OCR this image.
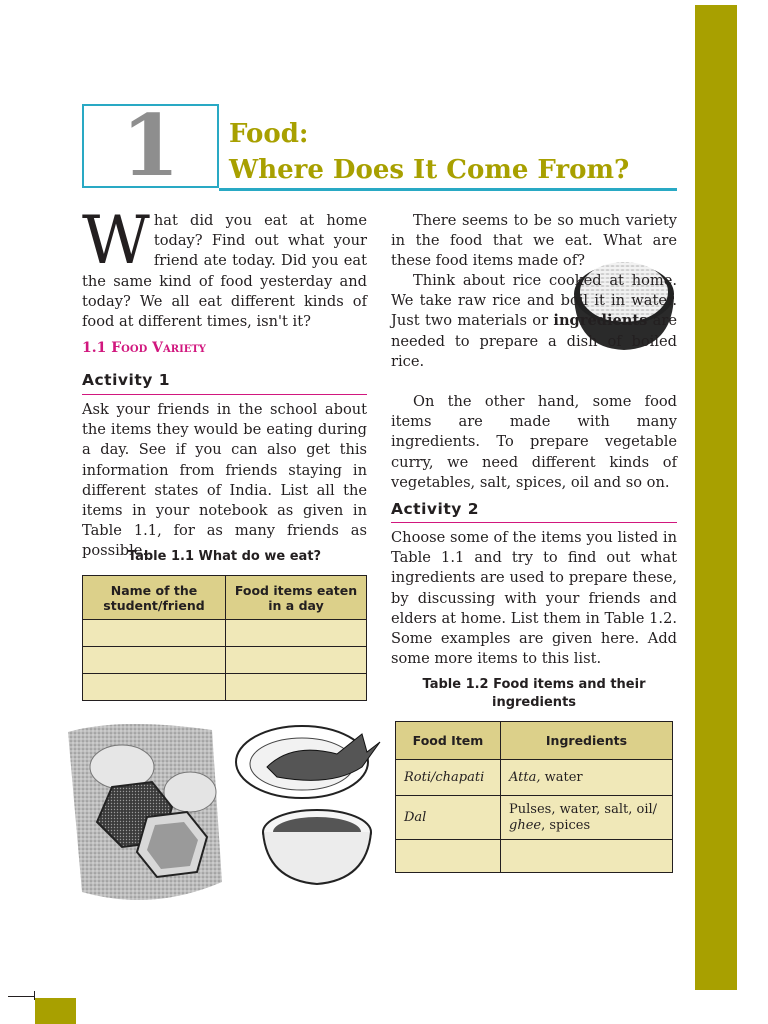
1 Food:
Where Does It Come From?

What did you eat at home today? Find out what your friend ate today. Did you eat the same kind of food yesterday and today? We all eat different kinds of food at different times, isn't it?

1.1 Food Variety
Activity 1

Ask your friends in the school about the items they would be eating during a day. See if you can also get this information from friends staying in different states of India. List all the items in your notebook as given in Table 1.1, for as many friends as possible.

Table 1.1 What do we eat?
Name of the student/friend	Food items eaten in a day

There seems to be so much variety in the food that we eat. What are these food items made of?

Think about rice cooked at home. We take raw rice and boil it in water. Just two materials or ingredients are needed to prepare a dish of boiled rice.

On the other hand, some food items are made with many ingredients. To prepare vegetable curry, we need different kinds of vegetables, salt, spices, oil and so on.

Activity 2

Choose some of the items you listed in Table 1.1 and try to find out what ingredients are used to prepare these, by discussing with your friends and elders at home. List them in Table 1.2. Some examples are given here. Add some more items to this list.

Table 1.2 Food items and their
ingredients
Food Item	Ingredients
Roti/chapati	Atta, water
Dal	Pulses, water, salt, oil/
ghee, spices
